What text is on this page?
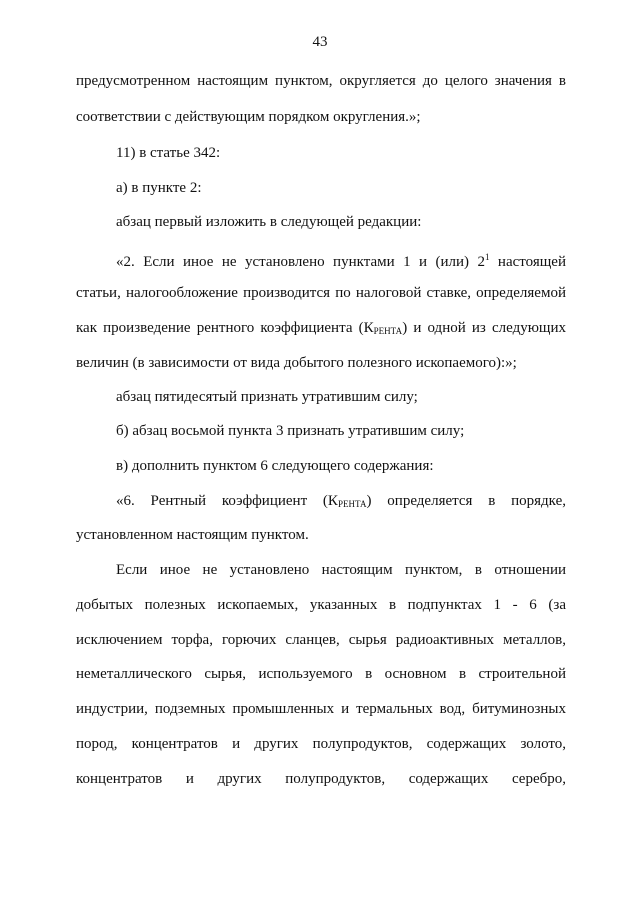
43
предусмотренном настоящим пунктом, округляется до целого значения в
соответствии с действующим порядком округления.»;
11) в статье 342:
а) в пункте 2:
абзац первый изложить в следующей редакции:
«2. Если иное не установлено пунктами 1 и (или) $2^1$ настоящей
статьи, налогообложение производится по налоговой ставке, определяемой
как произведение рентного коэффициента $(К_{РЕНТА})$ и одной из следующих
величин (в зависимости от вида добытого полезного ископаемого):»;
абзац пятидесятый признать утратившим силу;
б) абзац восьмой пункта 3 признать утратившим силу;
в) дополнить пунктом 6 следующего содержания:
«6. Рентный коэффициент $(К_{РЕНТА})$ определяется в порядке,
установленном настоящим пунктом.
Если иное не установлено настоящим пунктом, в отношении
добытых полезных ископаемых, указанных в подпунктах 1 - 6 (за
исключением торфа, горючих сланцев, сырья радиоактивных металлов,
неметаллического сырья, используемого в основном в строительной
индустрии, подземных промышленных и термальных вод, битуминозных
пород, концентратов и других полупродуктов, содержащих золото,
концентратов и других полупродуктов, содержащих серебро,
